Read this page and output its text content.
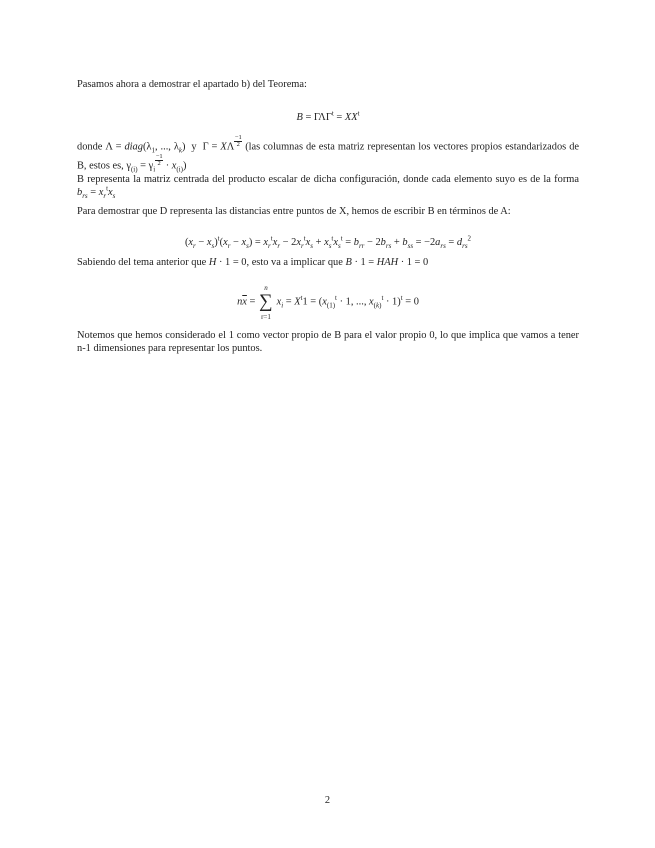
Pasamos ahora a demostrar el apartado b) del Teorema:

$B = \Gamma\Lambda\Gamma^t = XX^t$

donde $\Lambda = diag(\lambda_1$, ..., $\lambda_k$)  y  Γ = XΛ $\frac{-1}{2} (las$ columnas de esta matriz representan los vectores propios estandarizados de B, estos es, $\gamma_{(i)} = \gamma_i$
$\frac{-1}{2} \cdot x_{(i)}$)

B representa la matriz centrada del producto escalar de dicha configuración, donde cada elemento suyo es de la forma $b_{rs} = x_r^tx_s$

Para demostrar que D representa las distancias entre puntos de X, hemos de escribir B en términos de A:

$(x_r - x_s)^t(x_r - x_s) = x_r^tx_r - 2x_r^tx_s + x_s^tx_s^t = b_{rr} - 2b_{rs} + b_{ss} = -2a_{rs} = d_{rs}^2$

Sabiendo del tema anterior que H · 1 = 0, esto va a implicar que B · 1 = HAH · 1 = 0

$n\overline{x}$ =
n
∑
r=1
$x_i = X^t1 = (x_{(1)}^t \cdot 1$, ..., $x_{(k)}^t \cdot 1)^t = 0$

Notemos que hemos considerado el 1 como vector propio de B para el valor propio 0, lo que implica que vamos a tener n-1 dimensiones para representar los puntos.

2
